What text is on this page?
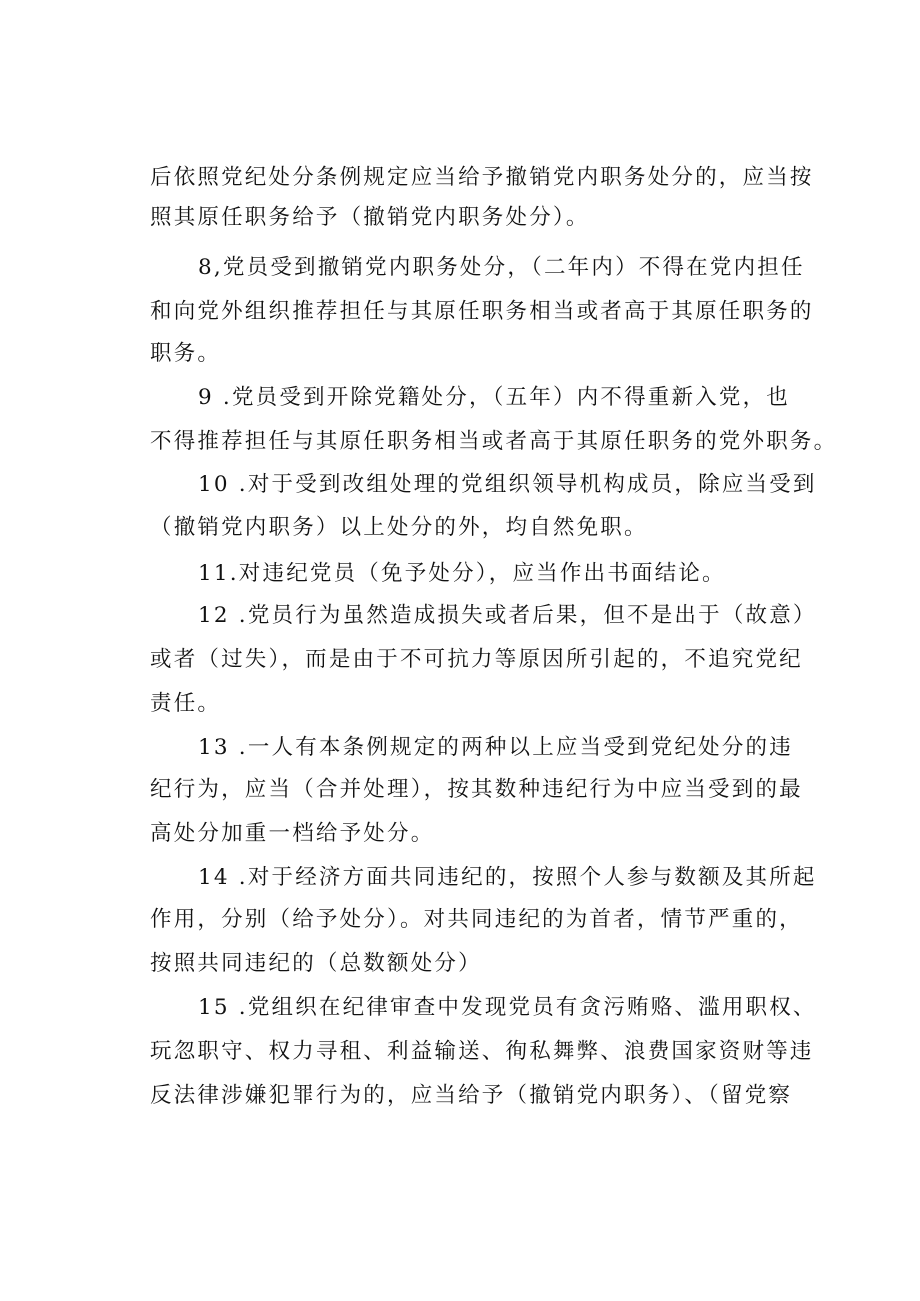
后依照党纪处分条例规定应当给予撤销党内职务处分的，应当按
照其原任职务给予（撤销党内职务处分）。
8,党员受到撤销党内职务处分，（二年内）不得在党内担任
和向党外组织推荐担任与其原任职务相当或者高于其原任职务的
职务。
9 .党员受到开除党籍处分，（五年）内不得重新入党，也
不得推荐担任与其原任职务相当或者高于其原任职务的党外职务。
10 .对于受到改组处理的党组织领导机构成员，除应当受到
（撤销党内职务）以上处分的外，均自然免职。
11.对违纪党员（免予处分），应当作出书面结论。
12 .党员行为虽然造成损失或者后果，但不是出于（故意）
或者（过失），而是由于不可抗力等原因所引起的，不追究党纪
责任。
13 .一人有本条例规定的两种以上应当受到党纪处分的违
纪行为，应当（合并处理），按其数种违纪行为中应当受到的最
高处分加重一档给予处分。
14 .对于经济方面共同违纪的，按照个人参与数额及其所起
作用，分别（给予处分）。对共同违纪的为首者，情节严重的，
按照共同违纪的（总数额处分）
15 .党组织在纪律审查中发现党员有贪污贿赂、滥用职权、
玩忽职守、权力寻租、利益输送、徇私舞弊、浪费国家资财等违
反法律涉嫌犯罪行为的，应当给予（撤销党内职务）、（留党察
